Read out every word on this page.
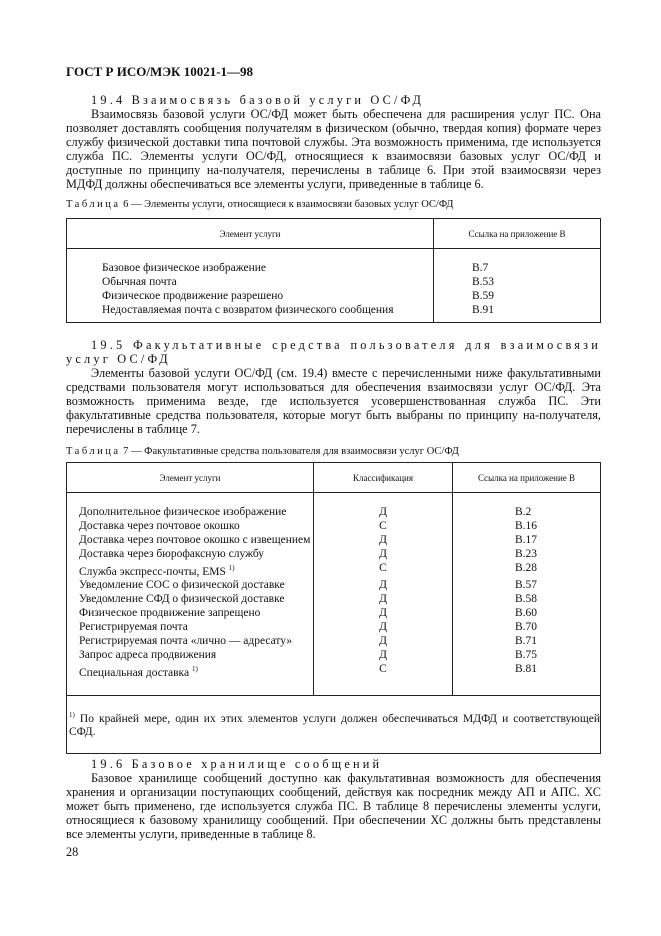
ГОСТ Р ИСО/МЭК 10021-1—98
19.4 Взаимосвязь базовой услуги ОС/ФД

Взаимосвязь базовой услуги ОС/ФД может быть обеспечена для расширения услуг ПС. Она позволяет доставлять сообщения получателям в физическом (обычно, твердая копия) формате через службу физической доставки типа почтовой службы. Эта возможность применима, где используется служба ПС. Элементы услуги ОС/ФД, относящиеся к взаимосвязи базовых услуг ОС/ФД и доступные по принципу на-получателя, перечислены в таблице 6. При этой взаимосвязи через МДФД должны обеспечиваться все элементы услуги, приведенные в таблице 6.

Таблица 6 — Элементы услуги, относящиеся к взаимосвязи базовых услуг ОС/ФД
Элемент услуги	Ссылка на приложение В
Базовое физическое изображение	В.7
Обычная почта	В.53
Физическое продвижение разрешено	В.59
Недоставляемая почта с возвратом физического сообщения	В.91
19.5 Факультативные средства пользователя для взаимосвязи услуг ОС/ФД

Элементы базовой услуги ОС/ФД (см. 19.4) вместе с перечисленными ниже факультативными средствами пользователя могут использоваться для обеспечения взаимосвязи услуг ОС/ФД. Эта возможность применима везде, где используется усовершенствованная служба ПС. Эти факультативные средства пользователя, которые могут быть выбраны по принципу на-получателя, перечислены в таблице 7.

Таблица 7 — Факультативные средства пользователя для взаимосвязи услуг ОС/ФД
Элемент услуги	Классификация	Ссылка на приложение В
Дополнительное физическое изображение	Д	В.2
Доставка через почтовое окошко	С	В.16
Доставка через почтовое окошко с извещением	Д	В.17
Доставка через бюрофаксную службу	Д	В.23
Служба экспресс-почты, EMS $^{1)}$	С	В.28
Уведомление СОС о физической доставке	Д	В.57
Уведомление СФД о физической доставке	Д	В.58
Физическое продвижение запрещено	Д	В.60
Регистрируемая почта	Д	В.70
Регистрируемая почта «лично — адресату»	Д	В.71
Запрос адреса продвижения	Д	В.75
Специальная доставка $^{1)}$	С	В.81
$^{1)}$ По крайней мере, один их этих элементов услуги должен обеспечиваться МДФД и соответствующей СФД.
19.6 Базовое хранилище сообщений

Базовое хранилище сообщений доступно как факультативная возможность для обеспечения хранения и организации поступающих сообщений, действуя как посредник между АП и АПС. ХС может быть применено, где используется служба ПС. В таблице 8 перечислены элементы услуги, относящиеся к базовому хранилищу сообщений. При обеспечении ХС должны быть представлены все элементы услуги, приведенные в таблице 8.

28
